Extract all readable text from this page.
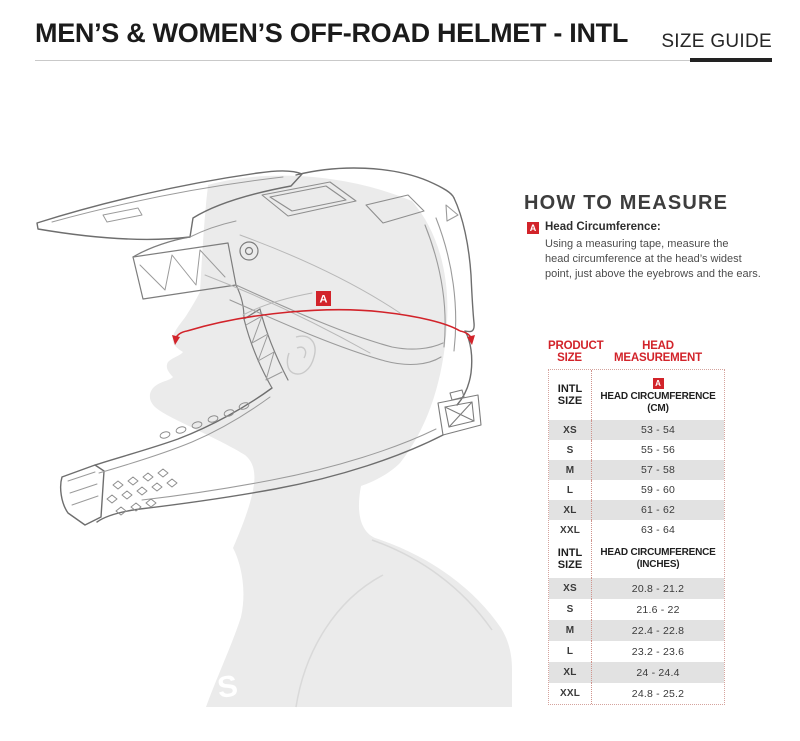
MEN’S & WOMEN’S OFF-ROAD HELMET - INTL SIZE GUIDE
S
A
HOW TO MEASURE
A Head Circumference:
Using a measuring tape, measure the
head circumference at the head’s widest
point, just above the eyebrows and the ears.
PRODUCT
SIZE
HEAD
MEASUREMENT
INTL
SIZE
A
HEAD CIRCUMFERENCE
(CM)
XS	53 - 54
S	55 - 56
M	57 - 58
L	59 - 60
XL	61 - 62
XXL	63 - 64
INTL
SIZE
HEAD CIRCUMFERENCE
(INCHES)
XS	20.8 - 21.2
S	21.6 - 22
M	22.4 - 22.8
L	23.2 - 23.6
XL	24 - 24.4
XXL	24.8 - 25.2
